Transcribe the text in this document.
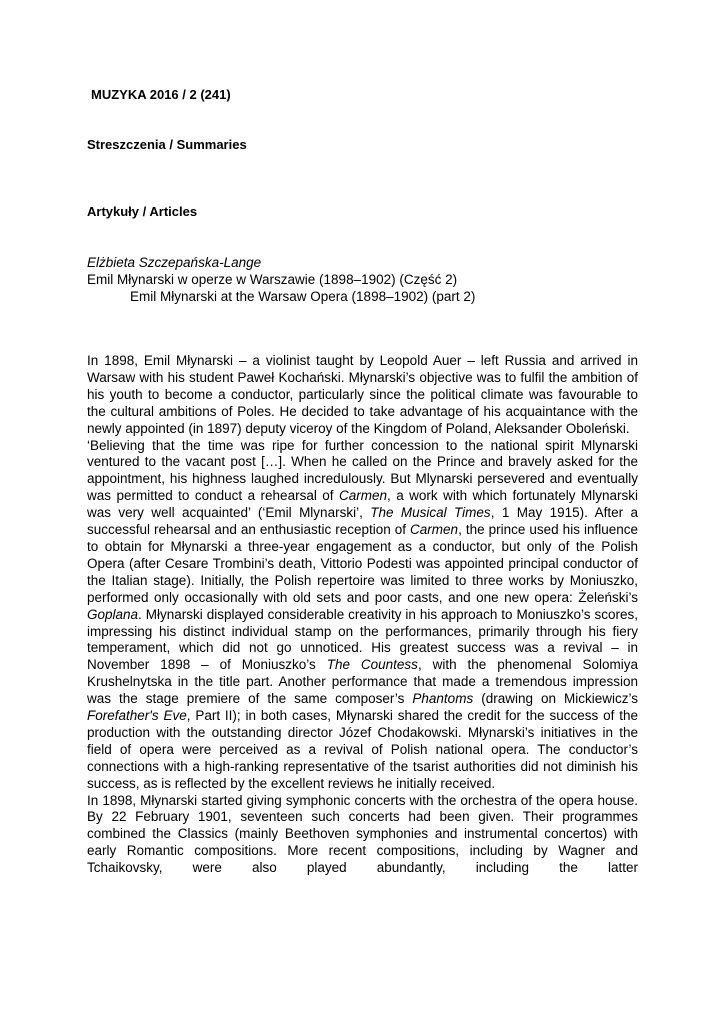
MUZYKA 2016 / 2 (241)
Streszczenia / Summaries
Artykuły / Articles
Elżbieta Szczepańska-Lange
Emil Młynarski w operze w Warszawie (1898–1902) (Część 2)
Emil Młynarski at the Warsaw Opera (1898–1902) (part 2)

In 1898, Emil Młynarski – a violinist taught by Leopold Auer – left Russia and arrived in Warsaw with his student Paweł Kochański. Młynarski’s objective was to fulfil the ambition of his youth to become a conductor, particularly since the political climate was favourable to the cultural ambitions of Poles. He decided to take advantage of his acquaintance with the newly appointed (in 1897) deputy viceroy of the Kingdom of Poland, Aleksander Oboleński.

‘Believing that the time was ripe for further concession to the national spirit Mlynarski ventured to the vacant post […]. When he called on the Prince and bravely asked for the appointment, his highness laughed incredulously. But Mlynarski persevered and eventually was permitted to conduct a rehearsal of Carmen, a work with which fortunately Mlynarski was very well acquainted’ (‘Emil Mlynarski’, The Musical Times, 1 May 1915). After a successful rehearsal and an enthusiastic reception of Carmen, the prince used his influence to obtain for Młynarski a three-year engagement as a conductor, but only of the Polish Opera (after Cesare Trombini’s death, Vittorio Podesti was appointed principal conductor of the Italian stage). Initially, the Polish repertoire was limited to three works by Moniuszko, performed only occasionally with old sets and poor casts, and one new opera: Żeleński’s Goplana. Młynarski displayed considerable creativity in his approach to Moniuszko’s scores, impressing his distinct individual stamp on the performances, primarily through his fiery temperament, which did not go unnoticed. His greatest success was a revival – in November 1898 – of Moniuszko’s The Countess, with the phenomenal Solomiya Krushelnytska in the title part. Another performance that made a tremendous impression was the stage premiere of the same composer’s Phantoms (drawing on Mickiewicz’s Forefather's Eve, Part II); in both cases, Młynarski shared the credit for the success of the production with the outstanding director Józef Chodakowski. Młynarski’s initiatives in the field of opera were perceived as a revival of Polish national opera. The conductor’s connections with a high-ranking representative of the tsarist authorities did not diminish his success, as is reflected by the excellent reviews he initially received.

In 1898, Młynarski started giving symphonic concerts with the orchestra of the opera house. By 22 February 1901, seventeen such concerts had been given. Their programmes combined the Classics (mainly Beethoven symphonies and instrumental concertos) with early Romantic compositions. More recent compositions, including by Wagner and Tchaikovsky, were also played abundantly, including the latter
